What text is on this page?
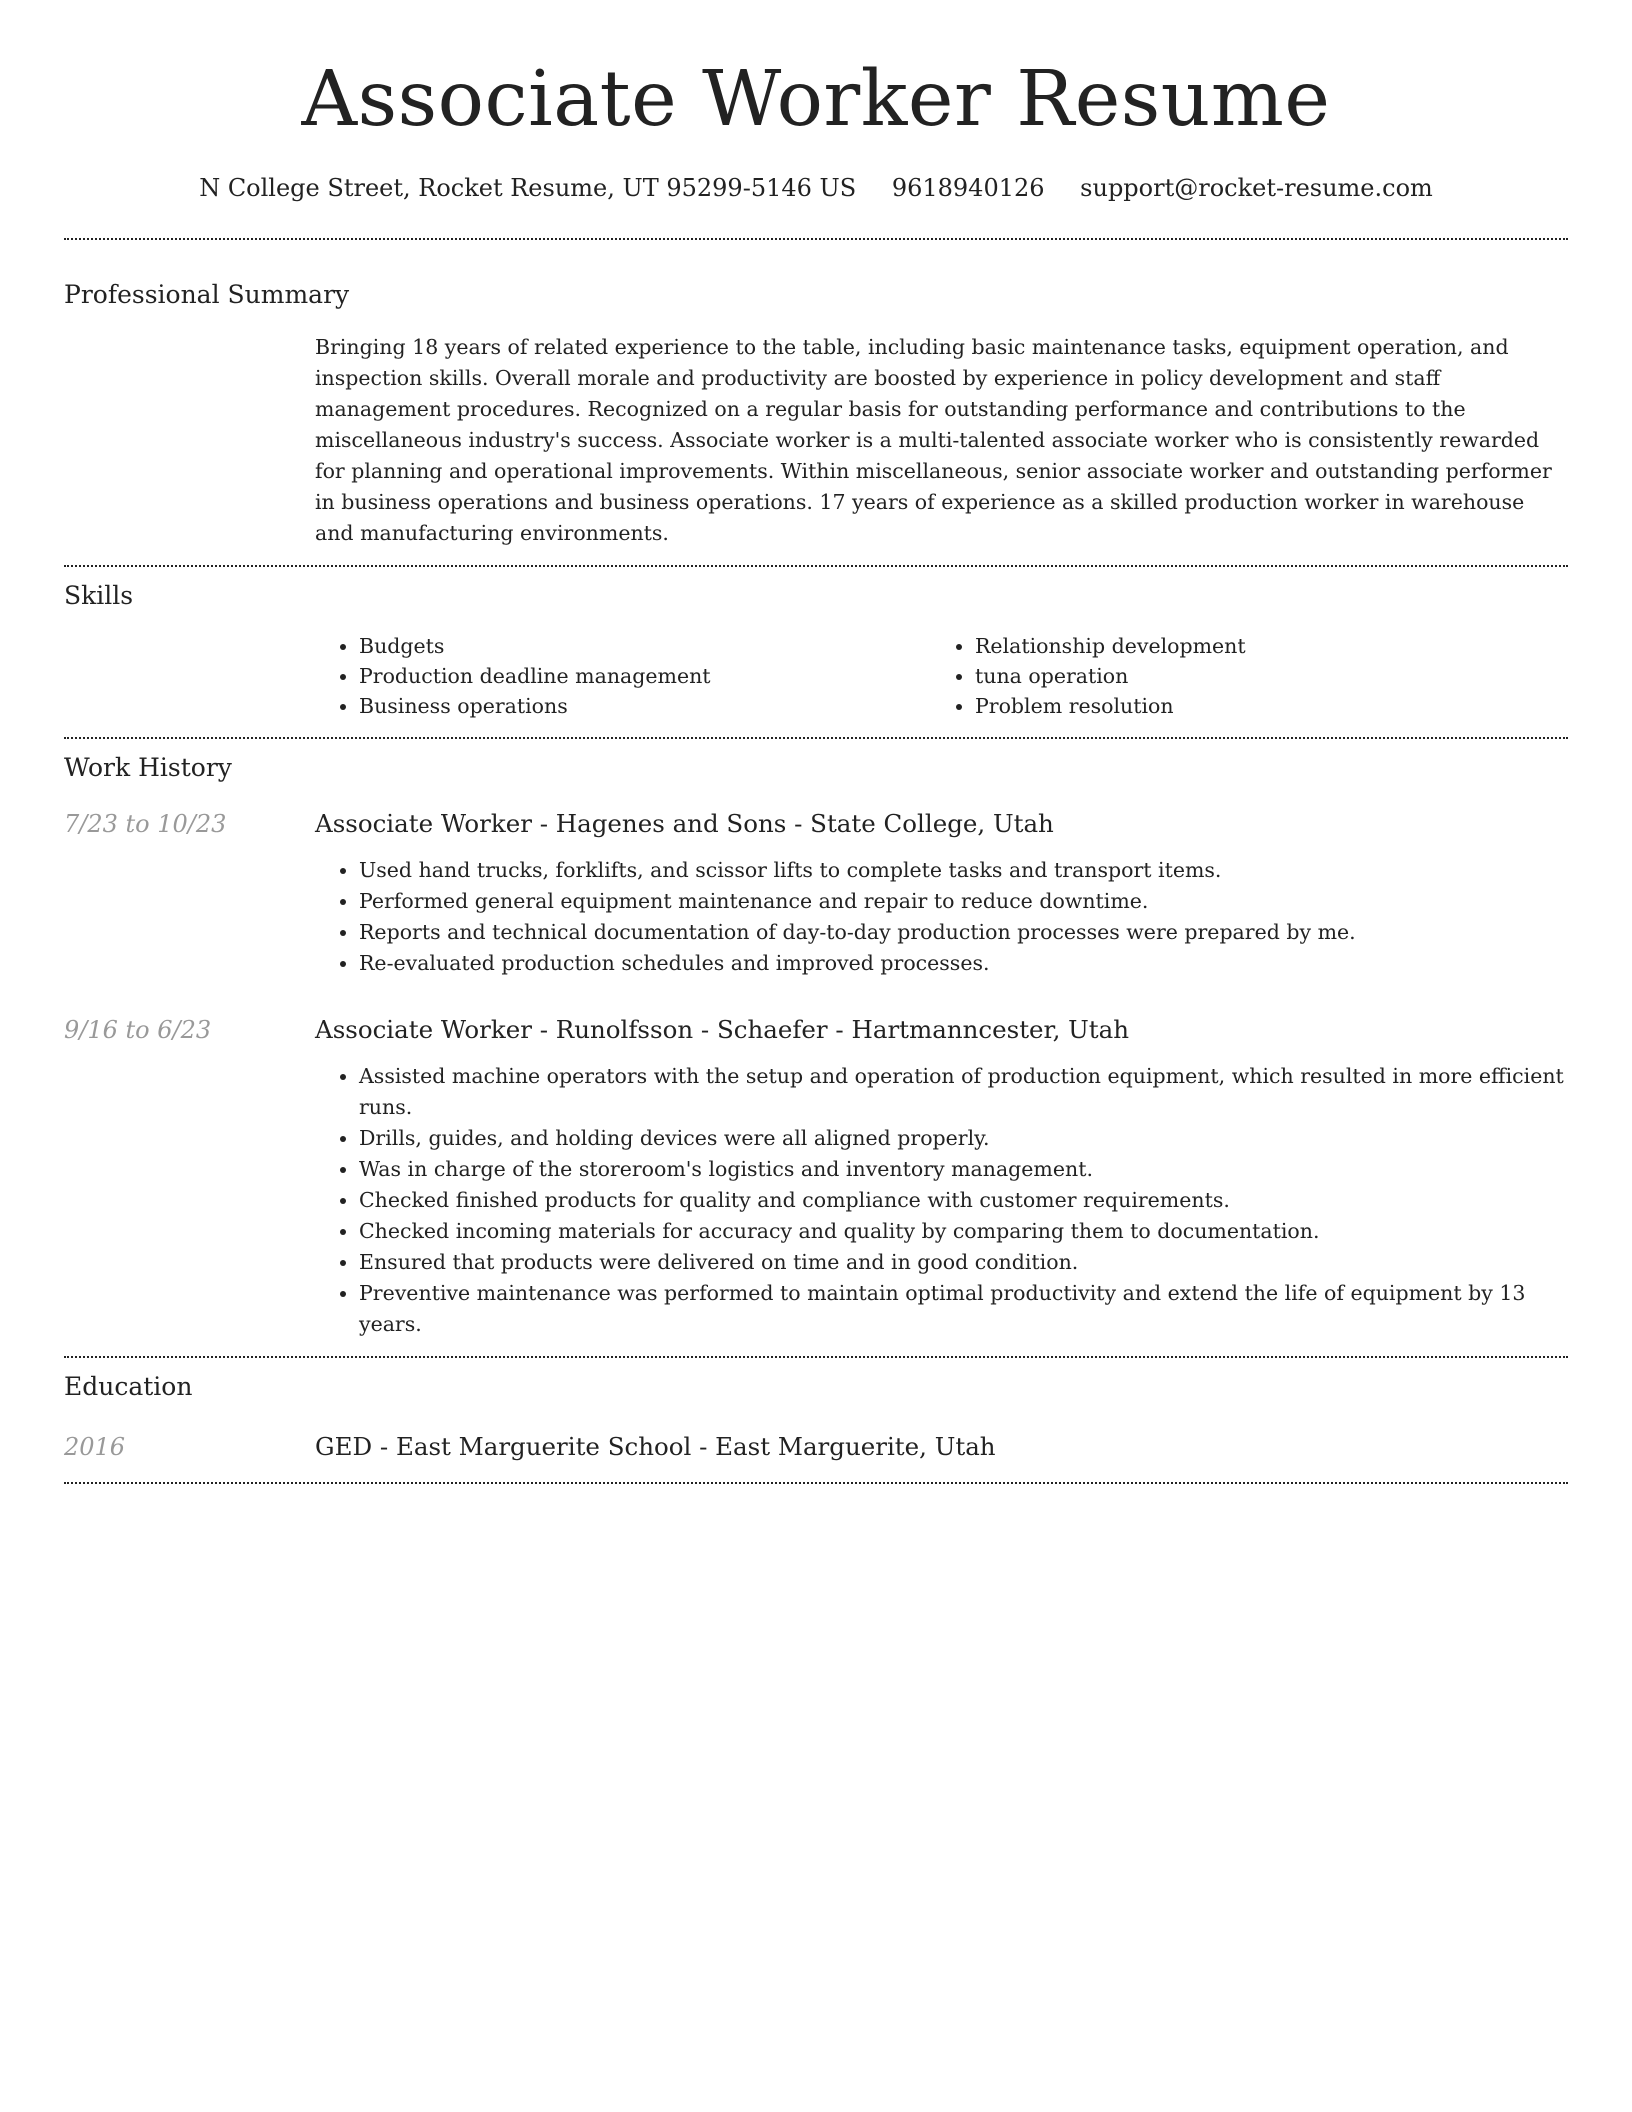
Associate Worker Resume
N College Street, Rocket Resume, UT 95299-5146 US 9618940126 support@rocket-resume.com
Professional Summary
Bringing 18 years of related experience to the table, including basic maintenance tasks, equipment operation, and inspection skills. Overall morale and productivity are boosted by experience in policy development and staff management procedures. Recognized on a regular basis for outstanding performance and contributions to the miscellaneous industry's success. Associate worker is a multi-talented associate worker who is consistently rewarded for planning and operational improvements. Within miscellaneous, senior associate worker and outstanding performer in business operations and business operations. 17 years of experience as a skilled production worker in warehouse and manufacturing environments.
Skills
• Budgets
• Production deadline management
• Business operations
• Relationship development
• tuna operation
• Problem resolution
Work History
7/23 to 10/23	Associate Worker - Hagenes and Sons - State College, Utah
• Used hand trucks, forklifts, and scissor lifts to complete tasks and transport items.
• Performed general equipment maintenance and repair to reduce downtime.
• Reports and technical documentation of day-to-day production processes were prepared by me.
• Re-evaluated production schedules and improved processes.
9/16 to 6/23	Associate Worker - Runolfsson - Schaefer - Hartmanncester, Utah
• Assisted machine operators with the setup and operation of production equipment, which resulted in more efficient runs.
• Drills, guides, and holding devices were all aligned properly.
• Was in charge of the storeroom's logistics and inventory management.
• Checked finished products for quality and compliance with customer requirements.
• Checked incoming materials for accuracy and quality by comparing them to documentation.
• Ensured that products were delivered on time and in good condition.
• Preventive maintenance was performed to maintain optimal productivity and extend the life of equipment by 13 years.
Education
2016	GED - East Marguerite School - East Marguerite, Utah
